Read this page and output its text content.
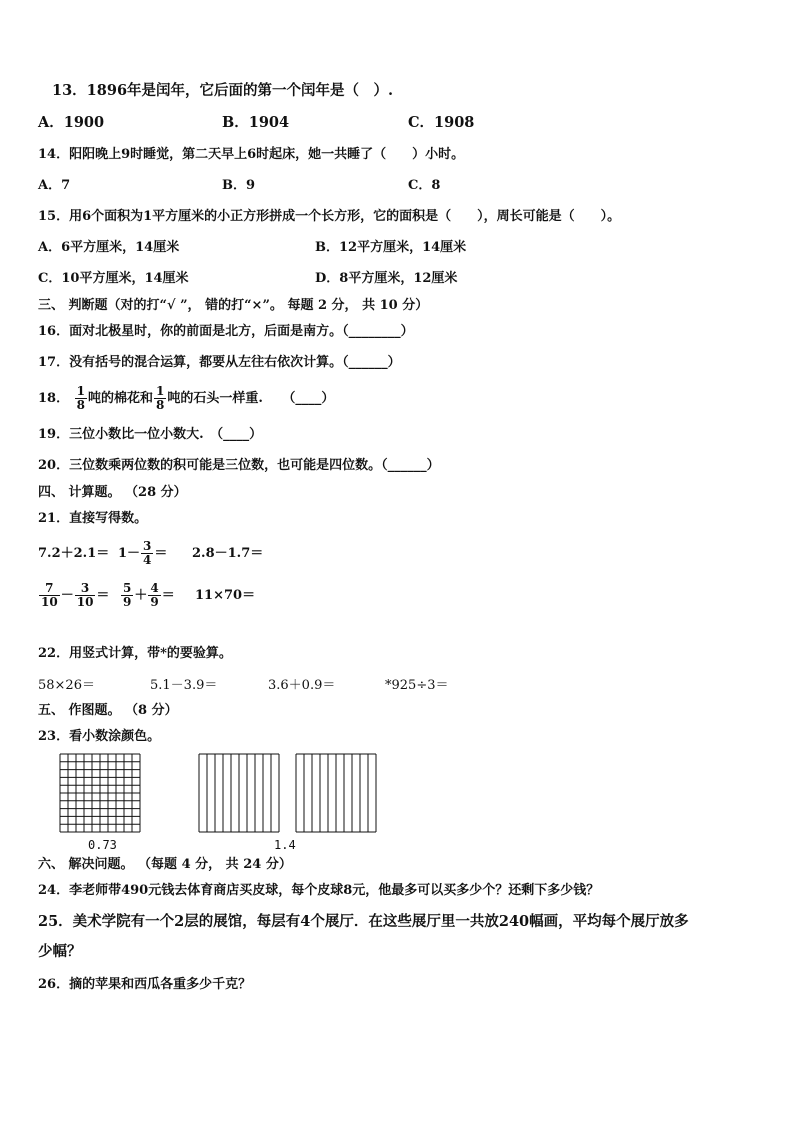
13．1896年是闰年，它后面的第一个闰年是（　）.
A．1900	B．1904	C．1908
14．阳阳晚上9时睡觉，第二天早上6时起床，她一共睡了（　　）小时。
A．7	B．9	C．8
15．用6个面积为1平方厘米的小正方形拼成一个长方形，它的面积是（　　），周长可能是（　　）。
A．6平方厘米，14厘米	B．12平方厘米，14厘米
C．10平方厘米，14厘米	D．8平方厘米，12厘米
三、 判断题（对的打“√ ”， 错的打“×”。 每题 2 分， 共 10 分）
16．面对北极星时，你的前面是北方，后面是南方。（________）
17．没有括号的混合运算，都要从左往右依次计算。（______）
18． $\frac{1}{8}$ 吨的棉花和 $\frac{1}{8}$ 吨的石头一样重.　　（____）
19．三位小数比一位小数大.　（____）
20．三位数乘两位数的积可能是三位数，也可能是四位数。（______）
四、 计算题。 （28 分）
21．直接写得数。
$7.2+2.1= 1- \frac{3}{4} = 2.8-1.7=$
$\frac{7}{10} - \frac{3}{10} = \frac{5}{9} + \frac{4}{9} = 11\times 70=$
22．用竖式计算，带*的要验算。
58×26＝	5.1－3.9＝	3.6＋0.9＝	*925÷3＝
五、 作图题。 （8 分）
23．看小数涂颜色。
0.73	1.4
六、 解决问题。 （每题 4 分， 共 24 分）
24．李老师带490元钱去体育商店买皮球，每个皮球8元，他最多可以买多少个？还剩下多少钱？
25．美术学院有一个2层的展馆，每层有4个展厅．在这些展厅里一共放240幅画，平均每个展厅放多
少幅？
26．摘的苹果和西瓜各重多少千克？
